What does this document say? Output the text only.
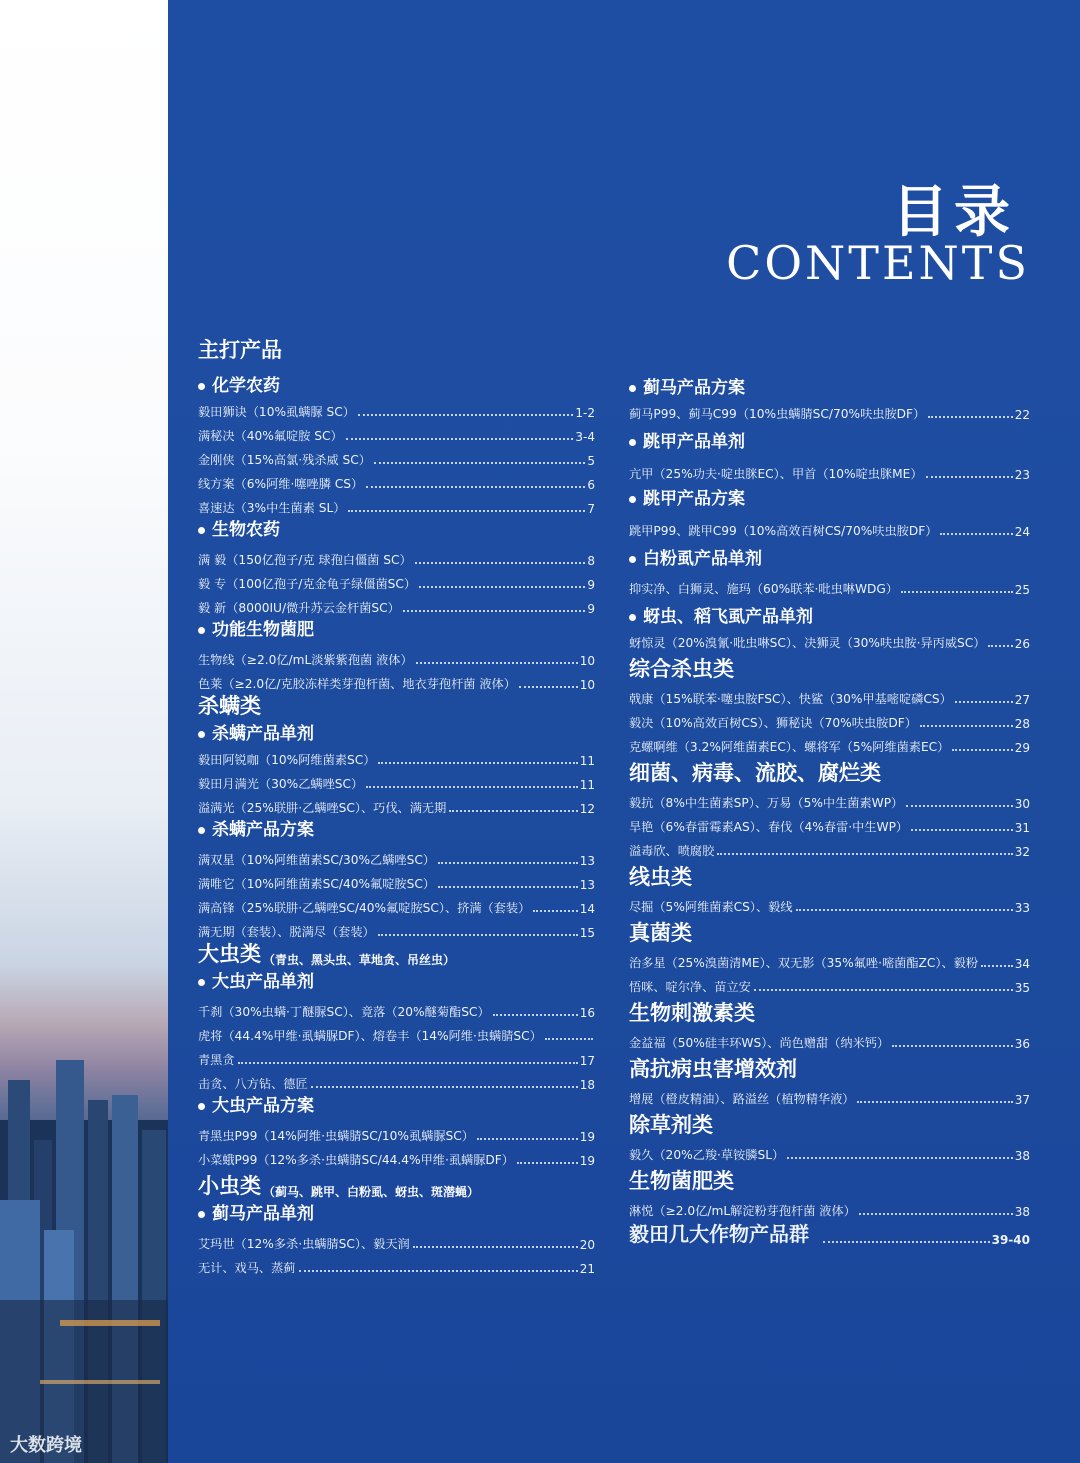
大数跨境
目录
CONTENTS
主打产品
化学农药
毅田狮诀（10%虱螨脲 SC）	1-2
满秘决（40%氟啶胺 SC）	3-4
金刚侠（15%高氯·残杀威 SC）	5
线方案（6%阿维·噻唑膦 CS）	6
喜速达（3%中生菌素 SL）	7
生物农药
满 毅（150亿孢子/克 球孢白僵菌 SC）	8
毅 专（100亿孢子/克金龟子绿僵菌SC）	9
毅 新（8000IU/微升苏云金杆菌SC）	9
功能生物菌肥
生物线（≥2.0亿/mL淡紫紫孢菌 液体）	10
色莱（≥2.0亿/克胶冻样类芽孢杆菌、地衣芽孢杆菌 液体）	10
杀螨类
杀螨产品单剂
毅田阿锐咖（10%阿维菌素SC）	11
毅田月满光（30%乙螨唑SC）	11
溢满光（25%联肼·乙螨唑SC）、巧伐、满无期	12
杀螨产品方案
满双星（10%阿维菌素SC/30%乙螨唑SC）	13
满唯它（10%阿维菌素SC/40%氟啶胺SC）	13
满高锋（25%联肼·乙螨唑SC/40%氟啶胺SC）、挤满（套装）	14
满无期（套装）、脱满尽（套装）	15
大虫类 （青虫、黑头虫、草地贪、吊丝虫）
大虫产品单剂
千刹（30%虫螨·丁醚脲SC）、竟落（20%醚菊酯SC）	16
虎将（44.4%甲维·虱螨脲DF）、熔卷丰（14%阿维·虫螨腈SC）
青黑贪	17
击贪、八方钻、德匠	18
大虫产品方案
青黑虫P99（14%阿维·虫螨腈SC/10%虱螨脲SC）	19
小菜蛾P99（12%多杀·虫螨腈SC/44.4%甲维·虱螨脲DF）	19
小虫类 （蓟马、跳甲、白粉虱、蚜虫、斑潜蝇）
蓟马产品单剂
艾玛世（12%多杀·虫螨腈SC）、毅天润	20
无计、戏马、蒸蓟	21
蓟马产品方案
蓟马P99、蓟马C99（10%虫螨腈SC/70%呋虫胺DF）	22
跳甲产品单剂
亢甲（25%功夫·啶虫脒EC）、甲首（10%啶虫脒ME）	23
跳甲产品方案
跳甲P99、跳甲C99（10%高效百树CS/70%呋虫胺DF）	24
白粉虱产品单剂
抑实净、白狮灵、施玛（60%联苯·吡虫啉WDG）	25
蚜虫、稻飞虱产品单剂
蚜惊灵（20%溴氰·吡虫啉SC）、决狮灵（30%呋虫胺·异丙威SC） 26
综合杀虫类
戟康（15%联苯·噻虫胺FSC）、快鲨（30%甲基嘧啶磷CS）	27
毅决（10%高效百树CS）、狮秘诀（70%呋虫胺DF）	28
克螺啊维（3.2%阿维菌素EC）、螺将军（5%阿维菌素EC）	29
细菌、病毒、流胶、腐烂类
毅抗（8%中生菌素SP）、万易（5%中生菌素WP）	30
旱艳（6%春雷霉素AS）、春伐（4%春雷·中生WP）	31
溢毒欣、喷腐胶	32
线虫类
尽掘（5%阿维菌素CS）、毅线	33
真菌类
治多星（25%溴菌清ME）、双无影（35%氟唑·嘧菌酯ZC）、毅粉	34
悟咪、啶尔净、苗立安	35
生物刺激素类
金益福（50%硅丰环WS）、尚色赠甜（纳米钙）	36
高抗病虫害增效剂
增展（橙皮精油）、路溢丝（植物精华液）	37
除草剂类
毅久（20%乙羧·草铵膦SL）	38
生物菌肥类
淋悦（≥2.0亿/mL解淀粉芽孢杆菌 液体）	38
毅田几大作物产品群	39-40
